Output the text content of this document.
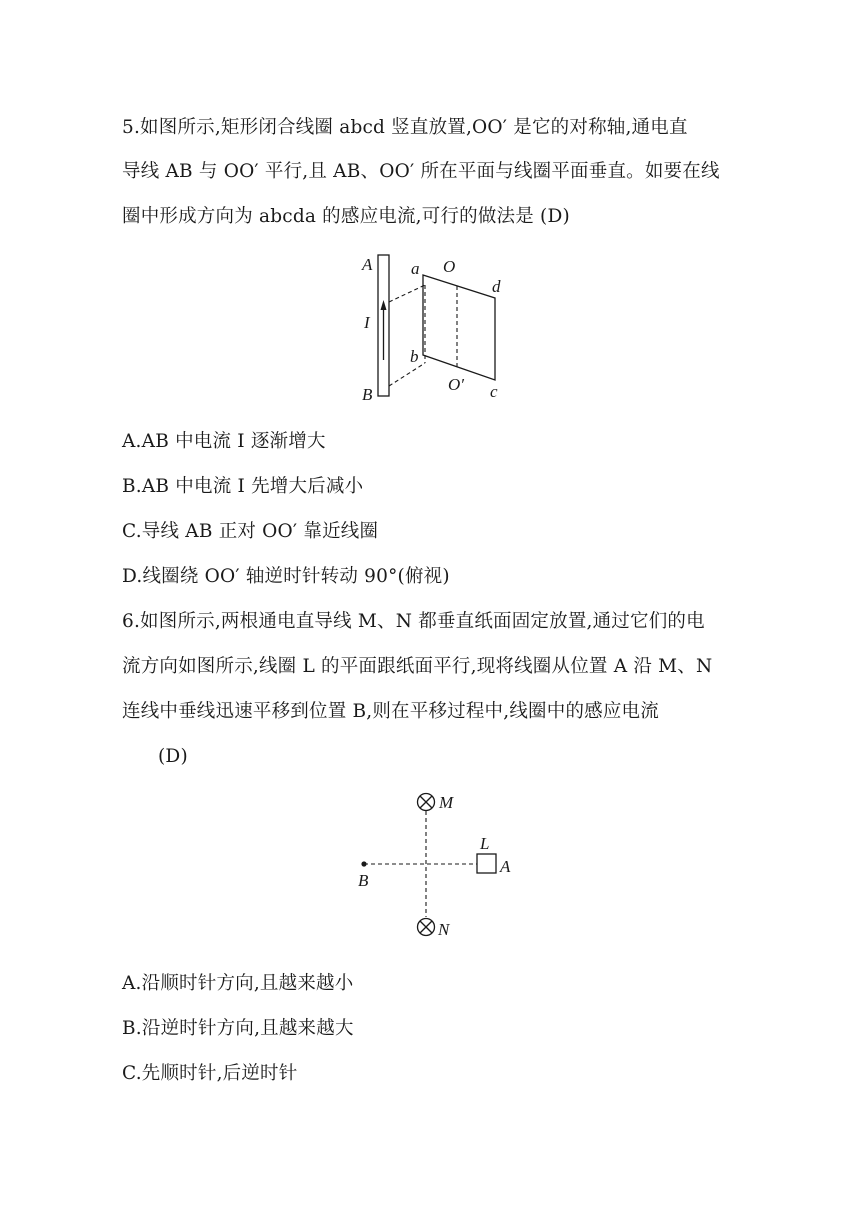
5.如图所示,矩形闭合线圈 abcd 竖直放置,OO′ 是它的对称轴,通电直
导线 AB 与 OO′ 平行,且 AB、OO′ 所在平面与线圈平面垂直。如要在线
圈中形成方向为 abcda 的感应电流,可行的做法是 (D)
A
I
B
a
b
O
O′
d
c
A.AB 中电流 I 逐渐增大
B.AB 中电流 I 先增大后减小
C.导线 AB 正对 OO′ 靠近线圈
D.线圈绕 OO′ 轴逆时针转动 90°(俯视)
6.如图所示,两根通电直导线 M、N 都垂直纸面固定放置,通过它们的电
流方向如图所示,线圈 L 的平面跟纸面平行,现将线圈从位置 A 沿 M、N
连线中垂线迅速平移到位置 B,则在平移过程中,线圈中的感应电流
(D)
M
N
L
A
B
A.沿顺时针方向,且越来越小
B.沿逆时针方向,且越来越大
C.先顺时针,后逆时针
